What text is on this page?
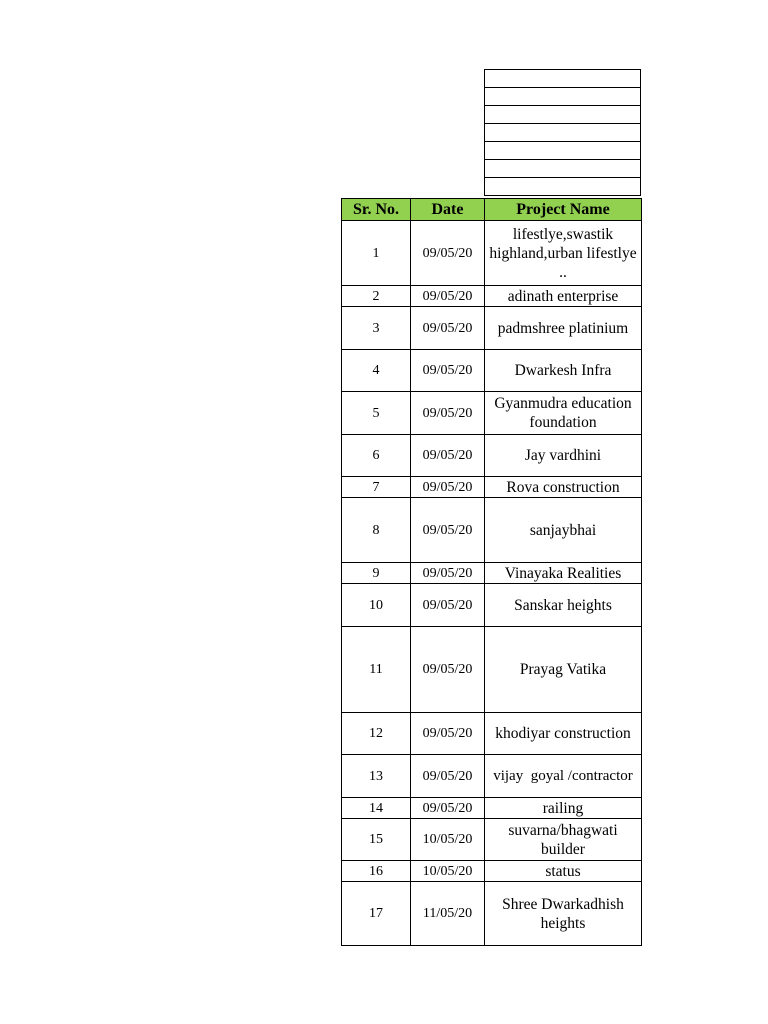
Sr. No.	Date	Project Name
1	09/05/20	lifestlye,swastik highland,urban lifestlye ..
2	09/05/20	adinath enterprise
3	09/05/20	padmshree platinium
4	09/05/20	Dwarkesh Infra
5	09/05/20	Gyanmudra education foundation
6	09/05/20	Jay vardhini
7	09/05/20	Rova construction
8	09/05/20	sanjaybhai
9	09/05/20	Vinayaka Realities
10	09/05/20	Sanskar heights
11	09/05/20	Prayag Vatika
12	09/05/20	khodiyar construction
13	09/05/20	vijay  goyal /contractor
14	09/05/20	railing
15	10/05/20	suvarna/bhagwati builder
16	10/05/20	status
17	11/05/20	Shree Dwarkadhish heights
